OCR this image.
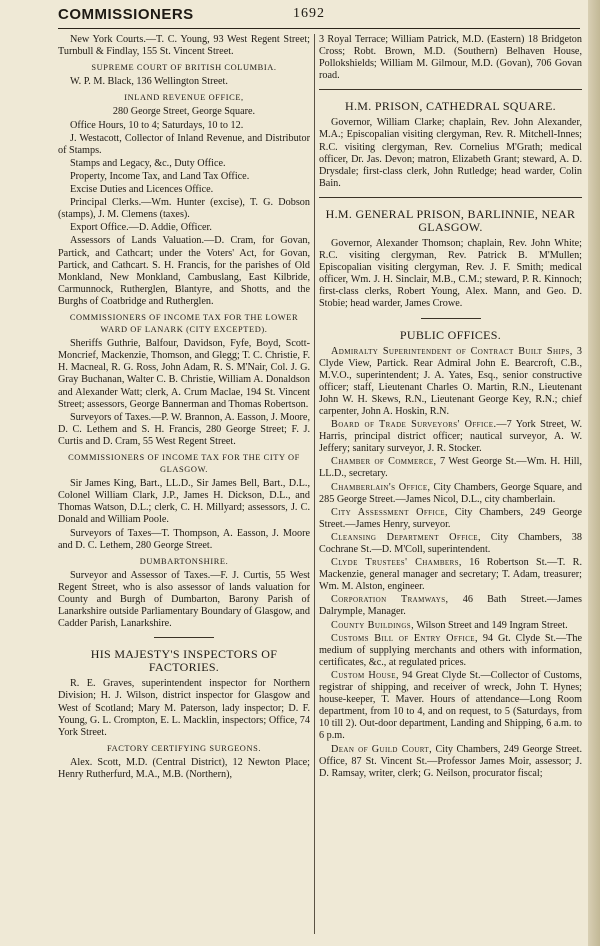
COMMISSIONERS	1692

New York Courts.—T. C. Young, 93 West Regent Street; Turnbull & Findlay, 155 St. Vincent Street.

SUPREME COURT OF BRITISH COLUMBIA.

W. P. M. Black, 136 Wellington Street.

INLAND REVENUE OFFICE,

280 George Street, George Square.

Office Hours, 10 to 4; Saturdays, 10 to 12.

J. Westacott, Collector of Inland Revenue, and Distributor of Stamps.

Stamps and Legacy, &c., Duty Office.

Property, Income Tax, and Land Tax Office.

Excise Duties and Licences Office.

Principal Clerks.—Wm. Hunter (excise), T. G. Dobson (stamps), J. M. Clemens (taxes).

Export Office.—D. Addie, Officer.

Assessors of Lands Valuation.—D. Cram, for Govan, Partick, and Cathcart; under the Voters' Act, for Govan, Partick, and Cathcart. S. H. Francis, for the parishes of Old Monkland, New Monkland, Cambuslang, East Kilbride, Carmunnock, Rutherglen, Blantyre, and Shotts, and the Burghs of Coatbridge and Rutherglen.

COMMISSIONERS OF INCOME TAX FOR THE LOWER WARD OF LANARK (CITY EXCEPTED).

Sheriffs Guthrie, Balfour, Davidson, Fyfe, Boyd, Scott-Moncrief, Mackenzie, Thomson, and Glegg; T. C. Christie, F. H. Macneal, R. G. Ross, John Adam, R. S. M'Nair, Col. J. G. Gray Buchanan, Walter C. B. Christie, William A. Donaldson and Alexander Watt; clerk, A. Crum Maclae, 194 St. Vincent Street; assessors, George Bannerman and Thomas Robertson.

Surveyors of Taxes.—P. W. Brannon, A. Easson, J. Moore, D. C. Lethem and S. H. Francis, 280 George Street; F. J. Curtis and D. Cram, 55 West Regent Street.

COMMISSIONERS OF INCOME TAX FOR THE CITY OF GLASGOW.

Sir James King, Bart., LL.D., Sir James Bell, Bart., D.L., Colonel William Clark, J.P., James H. Dickson, D.L., and Thomas Watson, D.L.; clerk, C. H. Millyard; assessors, J. C. Donald and William Poole.

Surveyors of Taxes—T. Thompson, A. Easson, J. Moore and D. C. Lethem, 280 George Street.

DUMBARTONSHIRE.

Surveyor and Assessor of Taxes.—F. J. Curtis, 55 West Regent Street, who is also assessor of lands valuation for County and Burgh of Dumbarton, Barony Parish of Lanarkshire outside Parliamentary Boundary of Glasgow, and Cadder Parish, Lanarkshire.

HIS MAJESTY'S INSPECTORS OF FACTORIES.

R. E. Graves, superintendent inspector for Northern Division; H. J. Wilson, district inspector for Glasgow and West of Scotland; Mary M. Paterson, lady inspector; D. F. Young, G. L. Crompton, E. L. Macklin, inspectors; Office, 74 York Street.

FACTORY CERTIFYING SURGEONS.

Alex. Scott, M.D. (Central District), 12 Newton Place; Henry Rutherfurd, M.A., M.B. (Northern),

3 Royal Terrace; William Patrick, M.D. (Eastern) 18 Bridgeton Cross; Robt. Brown, M.D. (Southern) Belhaven House, Pollokshields; William M. Gilmour, M.D. (Govan), 706 Govan road.

H.M. PRISON, CATHEDRAL SQUARE.

Governor, William Clarke; chaplain, Rev. John Alexander, M.A.; Episcopalian visiting clergyman, Rev. R. Mitchell-Innes; R.C. visiting clergyman, Rev. Cornelius M'Grath; medical officer, Dr. Jas. Devon; matron, Elizabeth Grant; steward, A. D. Drysdale; first-class clerk, John Rutledge; head warder, Colin Bain.

H.M. GENERAL PRISON, BARLINNIE, NEAR GLASGOW.

Governor, Alexander Thomson; chaplain, Rev. John White; R.C. visiting clergyman, Rev. Patrick B. M'Mullen; Episcopalian visiting clergyman, Rev. J. F. Smith; medical officer, Wm. J. H. Sinclair, M.B., C.M.; steward, P. R. Kinnoch; first-class clerks, Robert Young, Alex. Mann, and Geo. D. Stobie; head warder, James Crowe.

PUBLIC OFFICES.

Admiralty Superintendent of Contract Built Ships, 3 Clyde View, Partick. Rear Admiral John E. Bearcroft, C.B., M.V.O., superintendent; J. A. Yates, Esq., senior constructive officer; staff, Lieutenant Charles O. Martin, R.N., Lieutenant John W. H. Skews, R.N., Lieutenant George Key, R.N.; chief carpenter, John A. Hoskin, R.N.

Board of Trade Surveyors' Office.—7 York Street, W. Harris, principal district officer; nautical surveyor, A. W. Jeffery; sanitary surveyor, J. R. Stocker.

Chamber of Commerce, 7 West George St.—Wm. H. Hill, LL.D., secretary.

Chamberlain's Office, City Chambers, George Square, and 285 George Street.—James Nicol, D.L., city chamberlain.

City Assessment Office, City Chambers, 249 George Street.—James Henry, surveyor.

Cleansing Department Office, City Chambers, 38 Cochrane St.—D. M'Coll, superintendent.

Clyde Trustees' Chambers, 16 Robertson St.—T. R. Mackenzie, general manager and secretary; T. Adam, treasurer; Wm. M. Alston, engineer.

Corporation Tramways, 46 Bath Street.—James Dalrymple, Manager.

County Buildings, Wilson Street and 149 Ingram Street.

Customs Bill of Entry Office, 94 Gt. Clyde St.—The medium of supplying merchants and others with information, certificates, &c., at regulated prices.

Custom House, 94 Great Clyde St.—Collector of Customs, registrar of shipping, and receiver of wreck, John T. Hynes; house-keeper, T. Maver. Hours of attendance—Long Room department, from 10 to 4, and on request, to 5 (Saturdays, from 10 till 2). Out-door department, Landing and Shipping, 6 a.m. to 6 p.m.

Dean of Guild Court, City Chambers, 249 George Street. Office, 87 St. Vincent St.—Professor James Moir, assessor; J. D. Ramsay, writer, clerk; G. Neilson, procurator fiscal;
